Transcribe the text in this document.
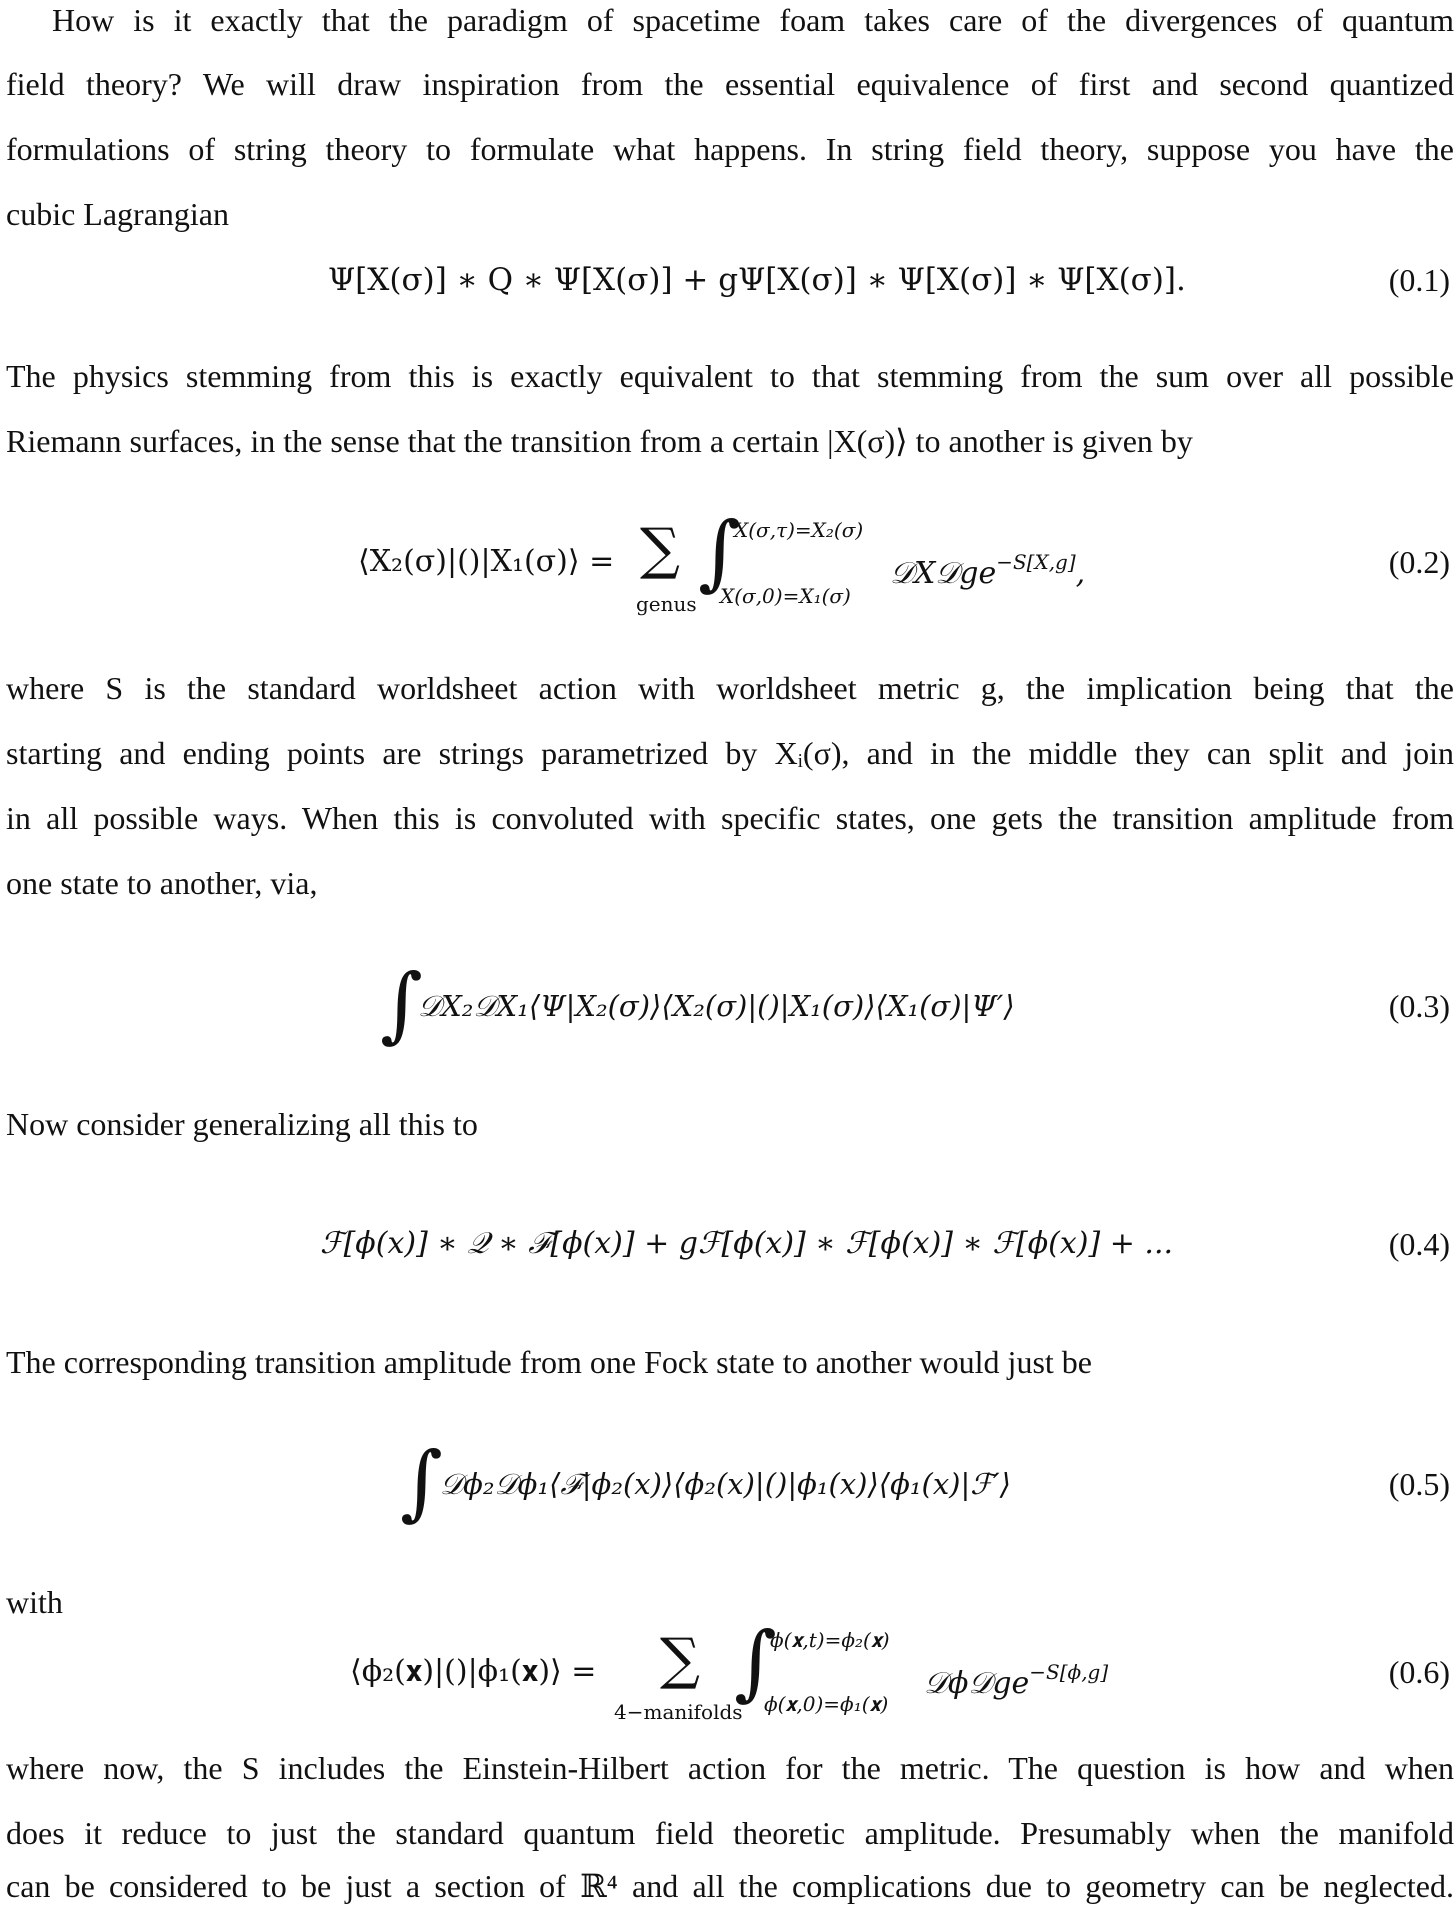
How is it exactly that the paradigm of spacetime foam takes care of the divergences of quantum
field theory? We will draw inspiration from the essential equivalence of first and second quantized
formulations of string theory to formulate what happens. In string field theory, suppose you have the
cubic Lagrangian
Ψ[X(σ)] ∗ Q ∗ Ψ[X(σ)] + gΨ[X(σ)] ∗ Ψ[X(σ)] ∗ Ψ[X(σ)].	(0.1)
The physics stemming from this is exactly equivalent to that stemming from the sum over all possible
Riemann surfaces, in the sense that the transition from a certain |X(σ)⟩ to another is given by
⟨X₂(σ)|()|X₁(σ)⟩ = ∑
genus
∫
X(σ,τ)=X₂(σ)
X(σ,0)=X₁(σ)
𝒟X𝒟ge$^{-S[X,g]}$,	(0.2)
where S is the standard worldsheet action with worldsheet metric g, the implication being that the
starting and ending points are strings parametrized by Xᵢ(σ), and in the middle they can split and join
in all possible ways. When this is convoluted with specific states, one gets the transition amplitude from
one state to another, via,
∫
𝒟X₂𝒟X₁⟨Ψ|X₂(σ)⟩⟨X₂(σ)|()|X₁(σ)⟩⟨X₁(σ)|Ψ′⟩	(0.3)
Now consider generalizing all this to
ℱ[ϕ(x)] ∗ 𝒬 ∗ ℱ[ϕ(x)] + gℱ[ϕ(x)] ∗ ℱ[ϕ(x)] ∗ ℱ[ϕ(x)] + ...	(0.4)
The corresponding transition amplitude from one Fock state to another would just be
∫
𝒟ϕ₂𝒟ϕ₁⟨ℱ|ϕ₂(x)⟩⟨ϕ₂(x)|()|ϕ₁(x)⟩⟨ϕ₁(x)|ℱ′⟩	(0.5)
with
⟨ϕ₂(𝐱)|()|ϕ₁(𝐱)⟩ = ∑
4−manifolds
∫
ϕ(𝐱,t)=ϕ₂(𝐱)
ϕ(𝐱,0)=ϕ₁(𝐱)
𝒟ϕ𝒟ge$^{-S[\phi,g]}$	(0.6)
where now, the S includes the Einstein-Hilbert action for the metric. The question is how and when
does it reduce to just the standard quantum field theoretic amplitude. Presumably when the manifold
can be considered to be just a section of ℝ⁴ and all the complications due to geometry can be neglected.
